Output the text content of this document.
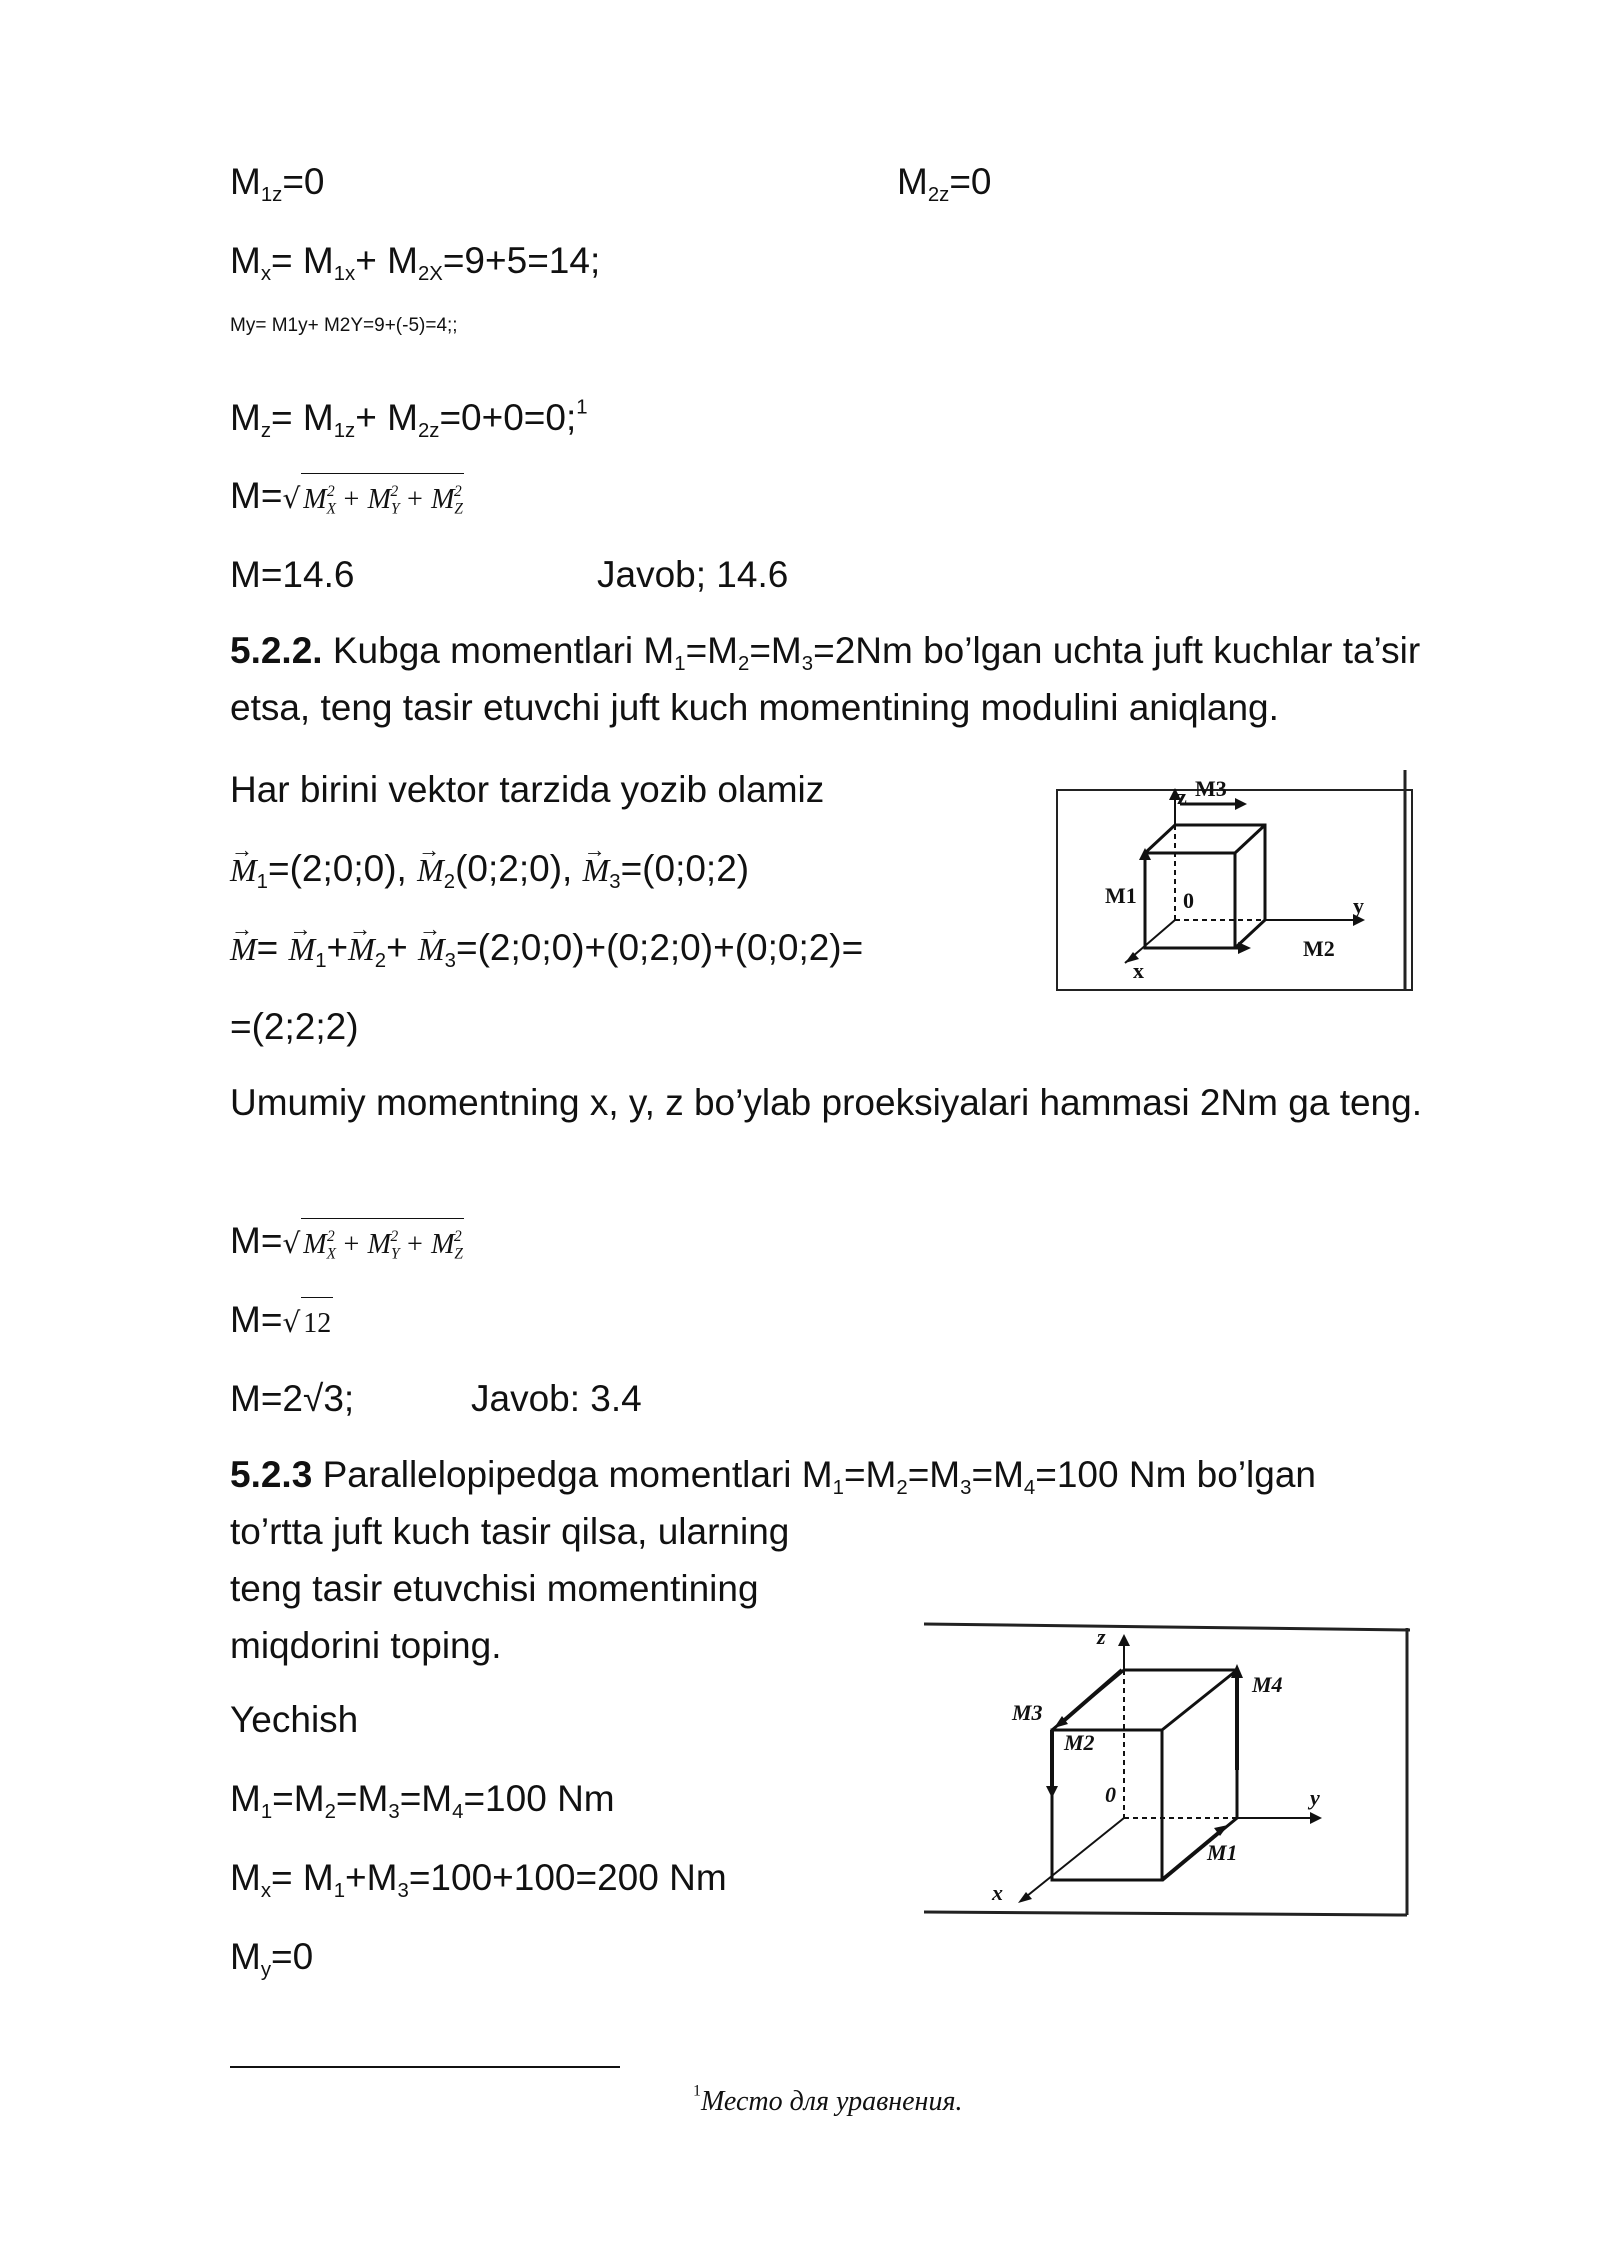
$M_{1z}=0$	$M_{2z}=0$
$M_x= M_{1x}+ M_{2X}=9+5=14$;
My= M1y+ M2Y=9+(-5)=4;;
$M_z= M_{1z}+$ $M_{2z}=0+0=0;^1$
M=√ $M_X^2 + M_Y^2 + M_Z^2$
M=14.6	Javob; 14.6
5.2.2. Kubga momentlari $M_1=M_2=M_3=2Nm$ bo’lgan uchta juft kuchlar ta’sir etsa, teng tasir etuvchi juft kuch momentining modulini aniqlang.
Har birini vektor tarzida yozib olamiz
→ $M_1=(2;0;0)$, → $M_2(0;2;0)$, → $M_3=(0;0;2)$
→ $M= \to M_1+\to M_2+$ → $M_3=(2;0;0)+(0;2;0)+(0;0;2)=$
=(2;2;2)
Umumiy momentning x, y, z bo’ylab proeksiyalari hammasi 2Nm ga teng.
M=√ $M_X^2 + M_Y^2 + M_Z^2$
M=√ 12
M=2√3;	Javob: 3.4
5.2.3 Parallelopipedga momentlari $M_1=M_2=M_3=M_4=100$ Nm bo’lgan
to’rtta juft kuch tasir qilsa, ularning
teng tasir etuvchisi momentining
miqdorini toping.
Yechish
$M_1=M_2=M_3=M_4=100$ Nm
$M_x= M_1+M_3=100+100=200$ Nm
$M_y=0$
z M3
M1 0	y
x
M2
z
M4
M3
M2
0	y
x
M1
$^1$Место для уравнения.
